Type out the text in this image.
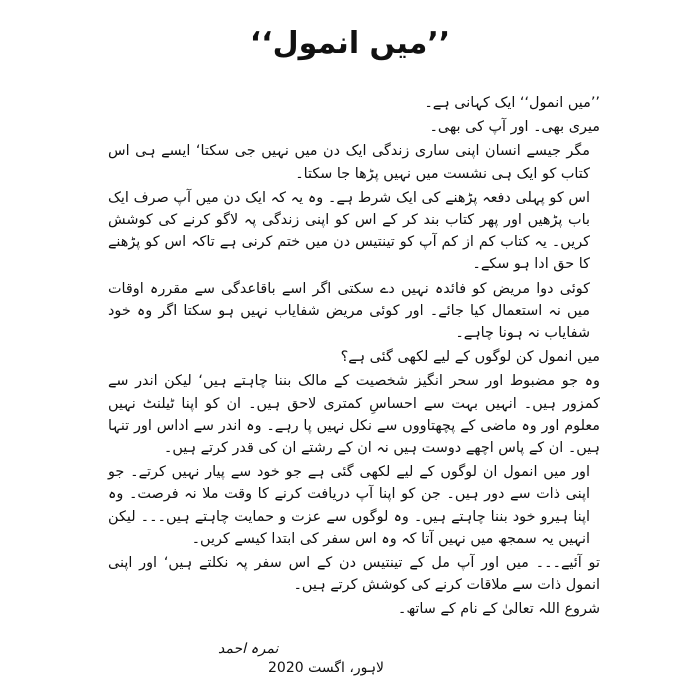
’’میں انمول‘‘

’’میں انمول‘‘ ایک کہانی ہے۔

میری بھی۔ اور آپ کی بھی۔

مگر جیسے انسان اپنی ساری زندگی ایک دن میں نہیں جی سکتا‘ ایسے ہی اس کتاب کو ایک ہی نشست میں نہیں پڑھا جا سکتا۔

اس کو پہلی دفعہ پڑھنے کی ایک شرط ہے۔ وہ یہ کہ ایک دن میں آپ صرف ایک باب پڑھیں اور پھر کتاب بند کر کے اس کو اپنی زندگی پہ لاگو کرنے کی کوشش کریں۔ یہ کتاب کم از کم آپ کو تینتیس دن میں ختم کرنی ہے تاکہ اس کو پڑھنے کا حق ادا ہو سکے۔

کوئی دوا مریض کو فائدہ نہیں دے سکتی اگر اسے باقاعدگی سے مقررہ اوقات میں نہ استعمال کیا جائے۔ اور کوئی مریض شفایاب نہیں ہو سکتا اگر وہ خود شفایاب نہ ہونا چاہے۔

میں انمول کن لوگوں کے لیے لکھی گئی ہے؟

وہ جو مضبوط اور سحر انگیز شخصیت کے مالک بننا چاہتے ہیں‘ لیکن اندر سے کمزور ہیں۔ انہیں بہت سے احساسِ کمتری لاحق ہیں۔ ان کو اپنا ٹیلنٹ نہیں معلوم اور وہ ماضی کے پچھتاووں سے نکل نہیں پا رہے۔ وہ اندر سے اداس اور تنہا ہیں۔ ان کے پاس اچھے دوست ہیں نہ ان کے رشتے ان کی قدر کرتے ہیں۔

اور میں انمول ان لوگوں کے لیے لکھی گئی ہے جو خود سے پیار نہیں کرتے۔ جو اپنی ذات سے دور ہیں۔ جن کو اپنا آپ دریافت کرنے کا وقت ملا نہ فرصت۔ وہ اپنا ہیرو خود بننا چاہتے ہیں۔ وہ لوگوں سے عزت و حمایت چاہتے ہیں۔۔۔ لیکن انہیں یہ سمجھ میں نہیں آتا کہ وہ اس سفر کی ابتدا کیسے کریں۔

تو آئیے۔۔۔ میں اور آپ مل کے تینتیس دن کے اس سفر پہ نکلتے ہیں‘ اور اپنی انمول ذات سے ملاقات کرنے کی کوشش کرتے ہیں۔

شروع اللہ تعالیٰ کے نام کے ساتھ۔

نمرہ احمد
لاہور، اگست 2020
